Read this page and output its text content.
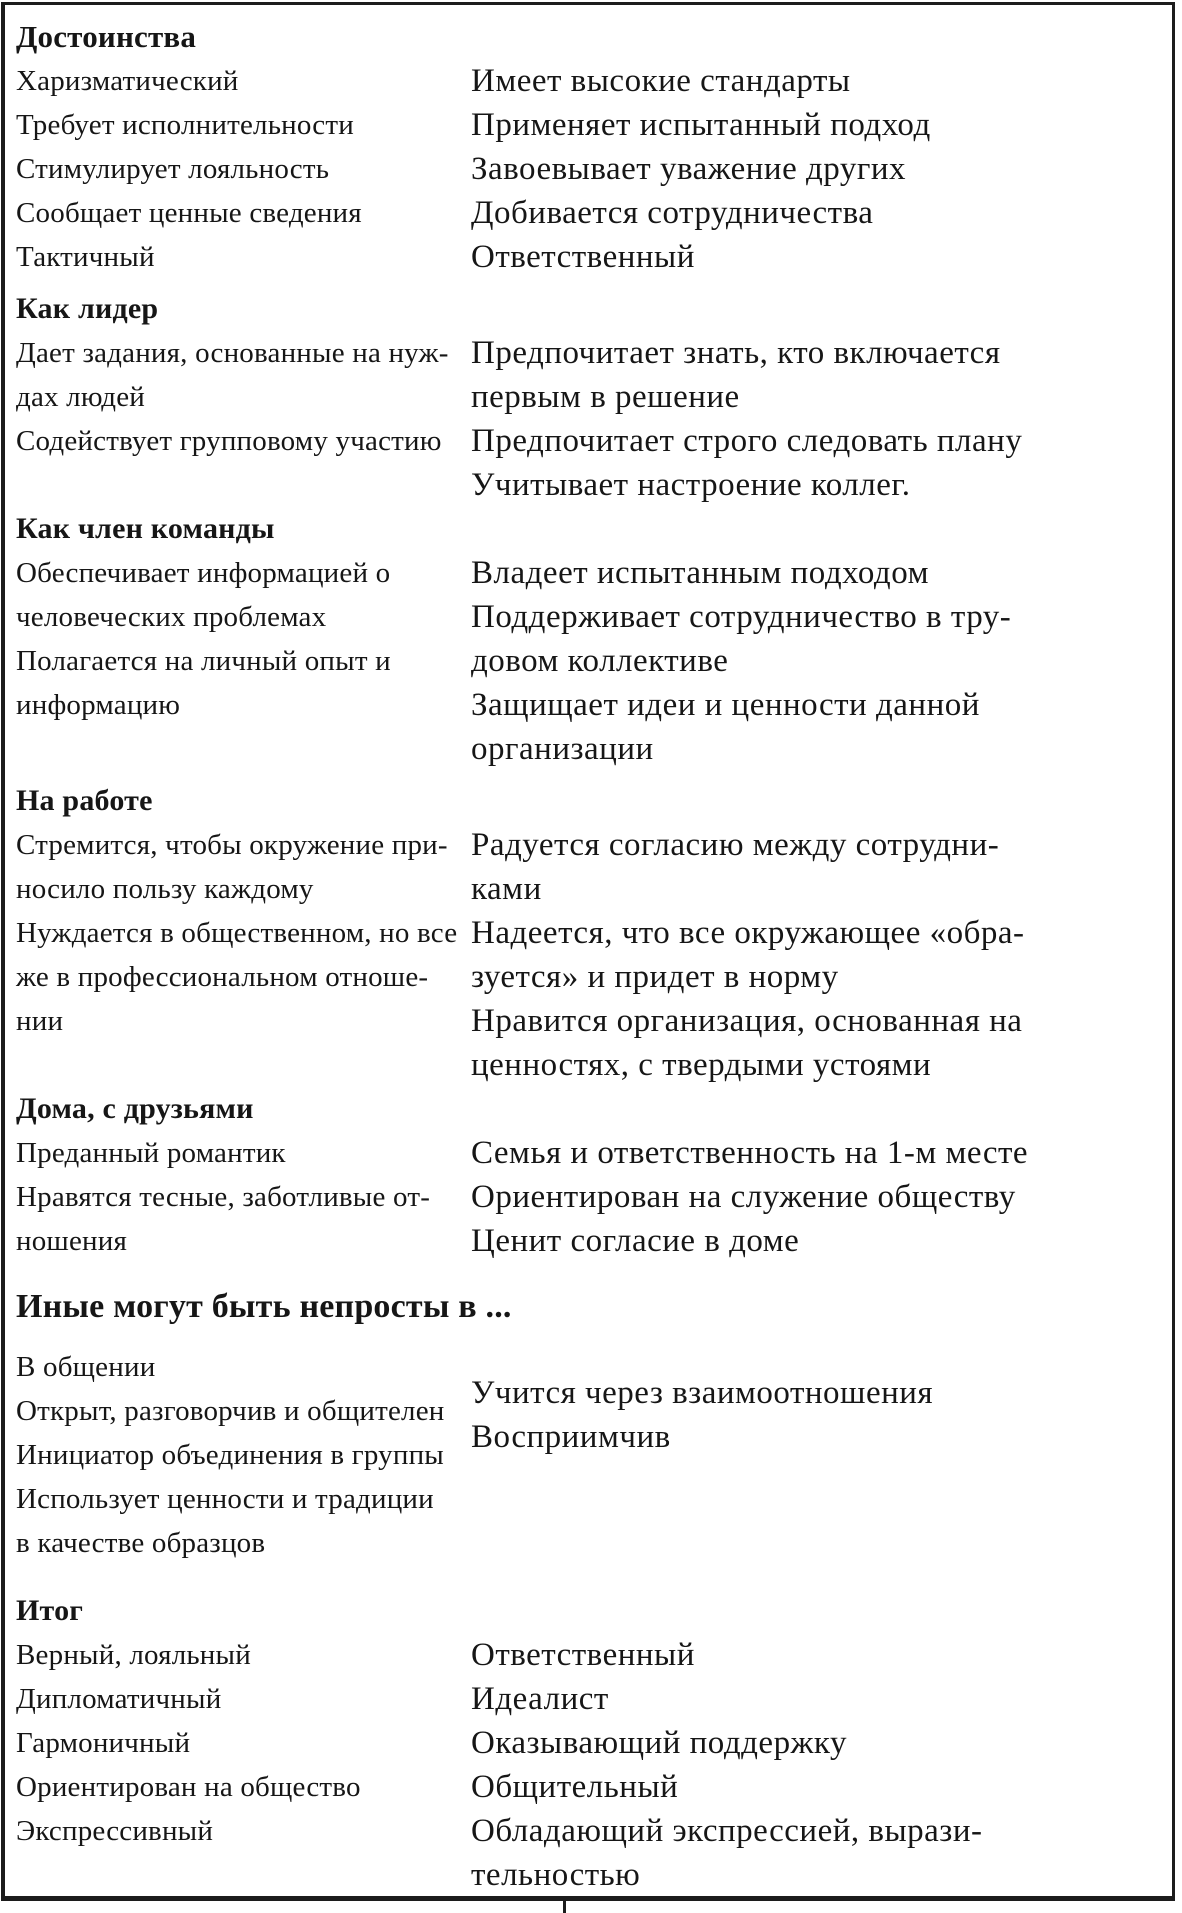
Достоинства
Харизматический
Требует исполнительности
Стимулирует лояльность
Сообщает ценные сведения
Тактичный
Имеет высокие стандарты
Применяет испытанный подход
Завоевывает уважение других
Добивается сотрудничества
Ответственный
Как лидер
Дает задания, основанные на нуж-
дах людей
Содействует групповому участию
Предпочитает знать, кто включается
первым в решение
Предпочитает строго следовать плану
Учитывает настроение коллег.
Как член команды
Обеспечивает информацией о
человеческих проблемах
Полагается на личный опыт и
информацию
Владеет испытанным подходом
Поддерживает сотрудничество в тру-
довом коллективе
Защищает идеи и ценности данной
организации
На работе
Стремится, чтобы окружение при-
носило пользу каждому
Нуждается в общественном, но все
же в профессиональном отноше-
нии
Радуется согласию между сотрудни-
ками
Надеется, что все окружающее «обра-
зуется» и придет в норму
Нравится организация, основанная на
ценностях, с твердыми устоями
Дома, с друзьями
Преданный романтик
Нравятся тесные, заботливые от-
ношения
Семья и ответственность на 1-м месте
Ориентирован на служение обществу
Ценит согласие в доме
Иные могут быть непросты в ...
В общении
Открыт, разговорчив и общителен
Инициатор объединения в группы
Использует ценности и традиции
в качестве образцов
Учится через взаимоотношения
Восприимчив
Итог
Верный, лояльный
Дипломатичный
Гармоничный
Ориентирован на общество
Экспрессивный
Ответственный
Идеалист
Оказывающий поддержку
Общительный
Обладающий экспрессией, вырази-
тельностью
